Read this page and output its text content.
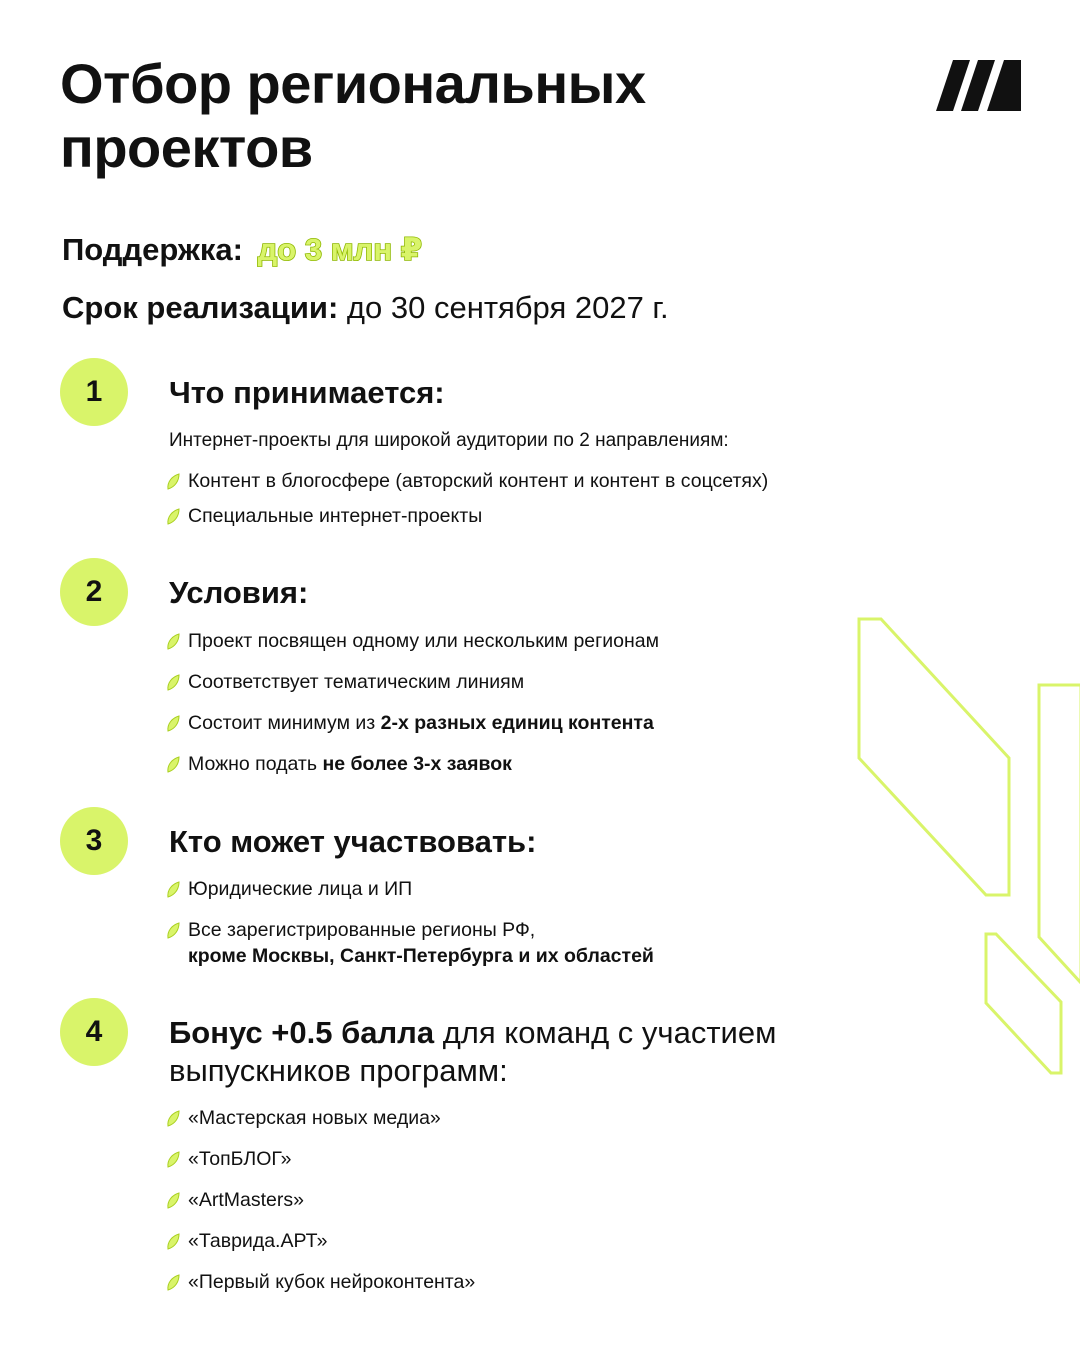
Отбор региональных проектов
Поддержка: до 3 млн ₽
Срок реализации: до 30 сентября 2027 г.
1	Что принимается:
Интернет-проекты для широкой аудитории по 2 направлениям:
Контент в блогосфере (авторский контент и контент в соцсетях)
Специальные интернет-проекты
2	Условия:
Проект посвящен одному или нескольким регионам
Соответствует тематическим линиям
Состоит минимум из 2-х разных единиц контента
Можно подать не более 3-х заявок
3	Кто может участвовать:
Юридические лица и ИП
Все зарегистрированные регионы РФ,
кроме Москвы, Санкт-Петербурга и их областей
4	Бонус +0.5 балла для команд с участием выпускников программ:
«Мастерская новых медиа»
«ТопБЛОГ»
«ArtMasters»
«Таврида.АРТ»
«Первый кубок нейроконтента»
